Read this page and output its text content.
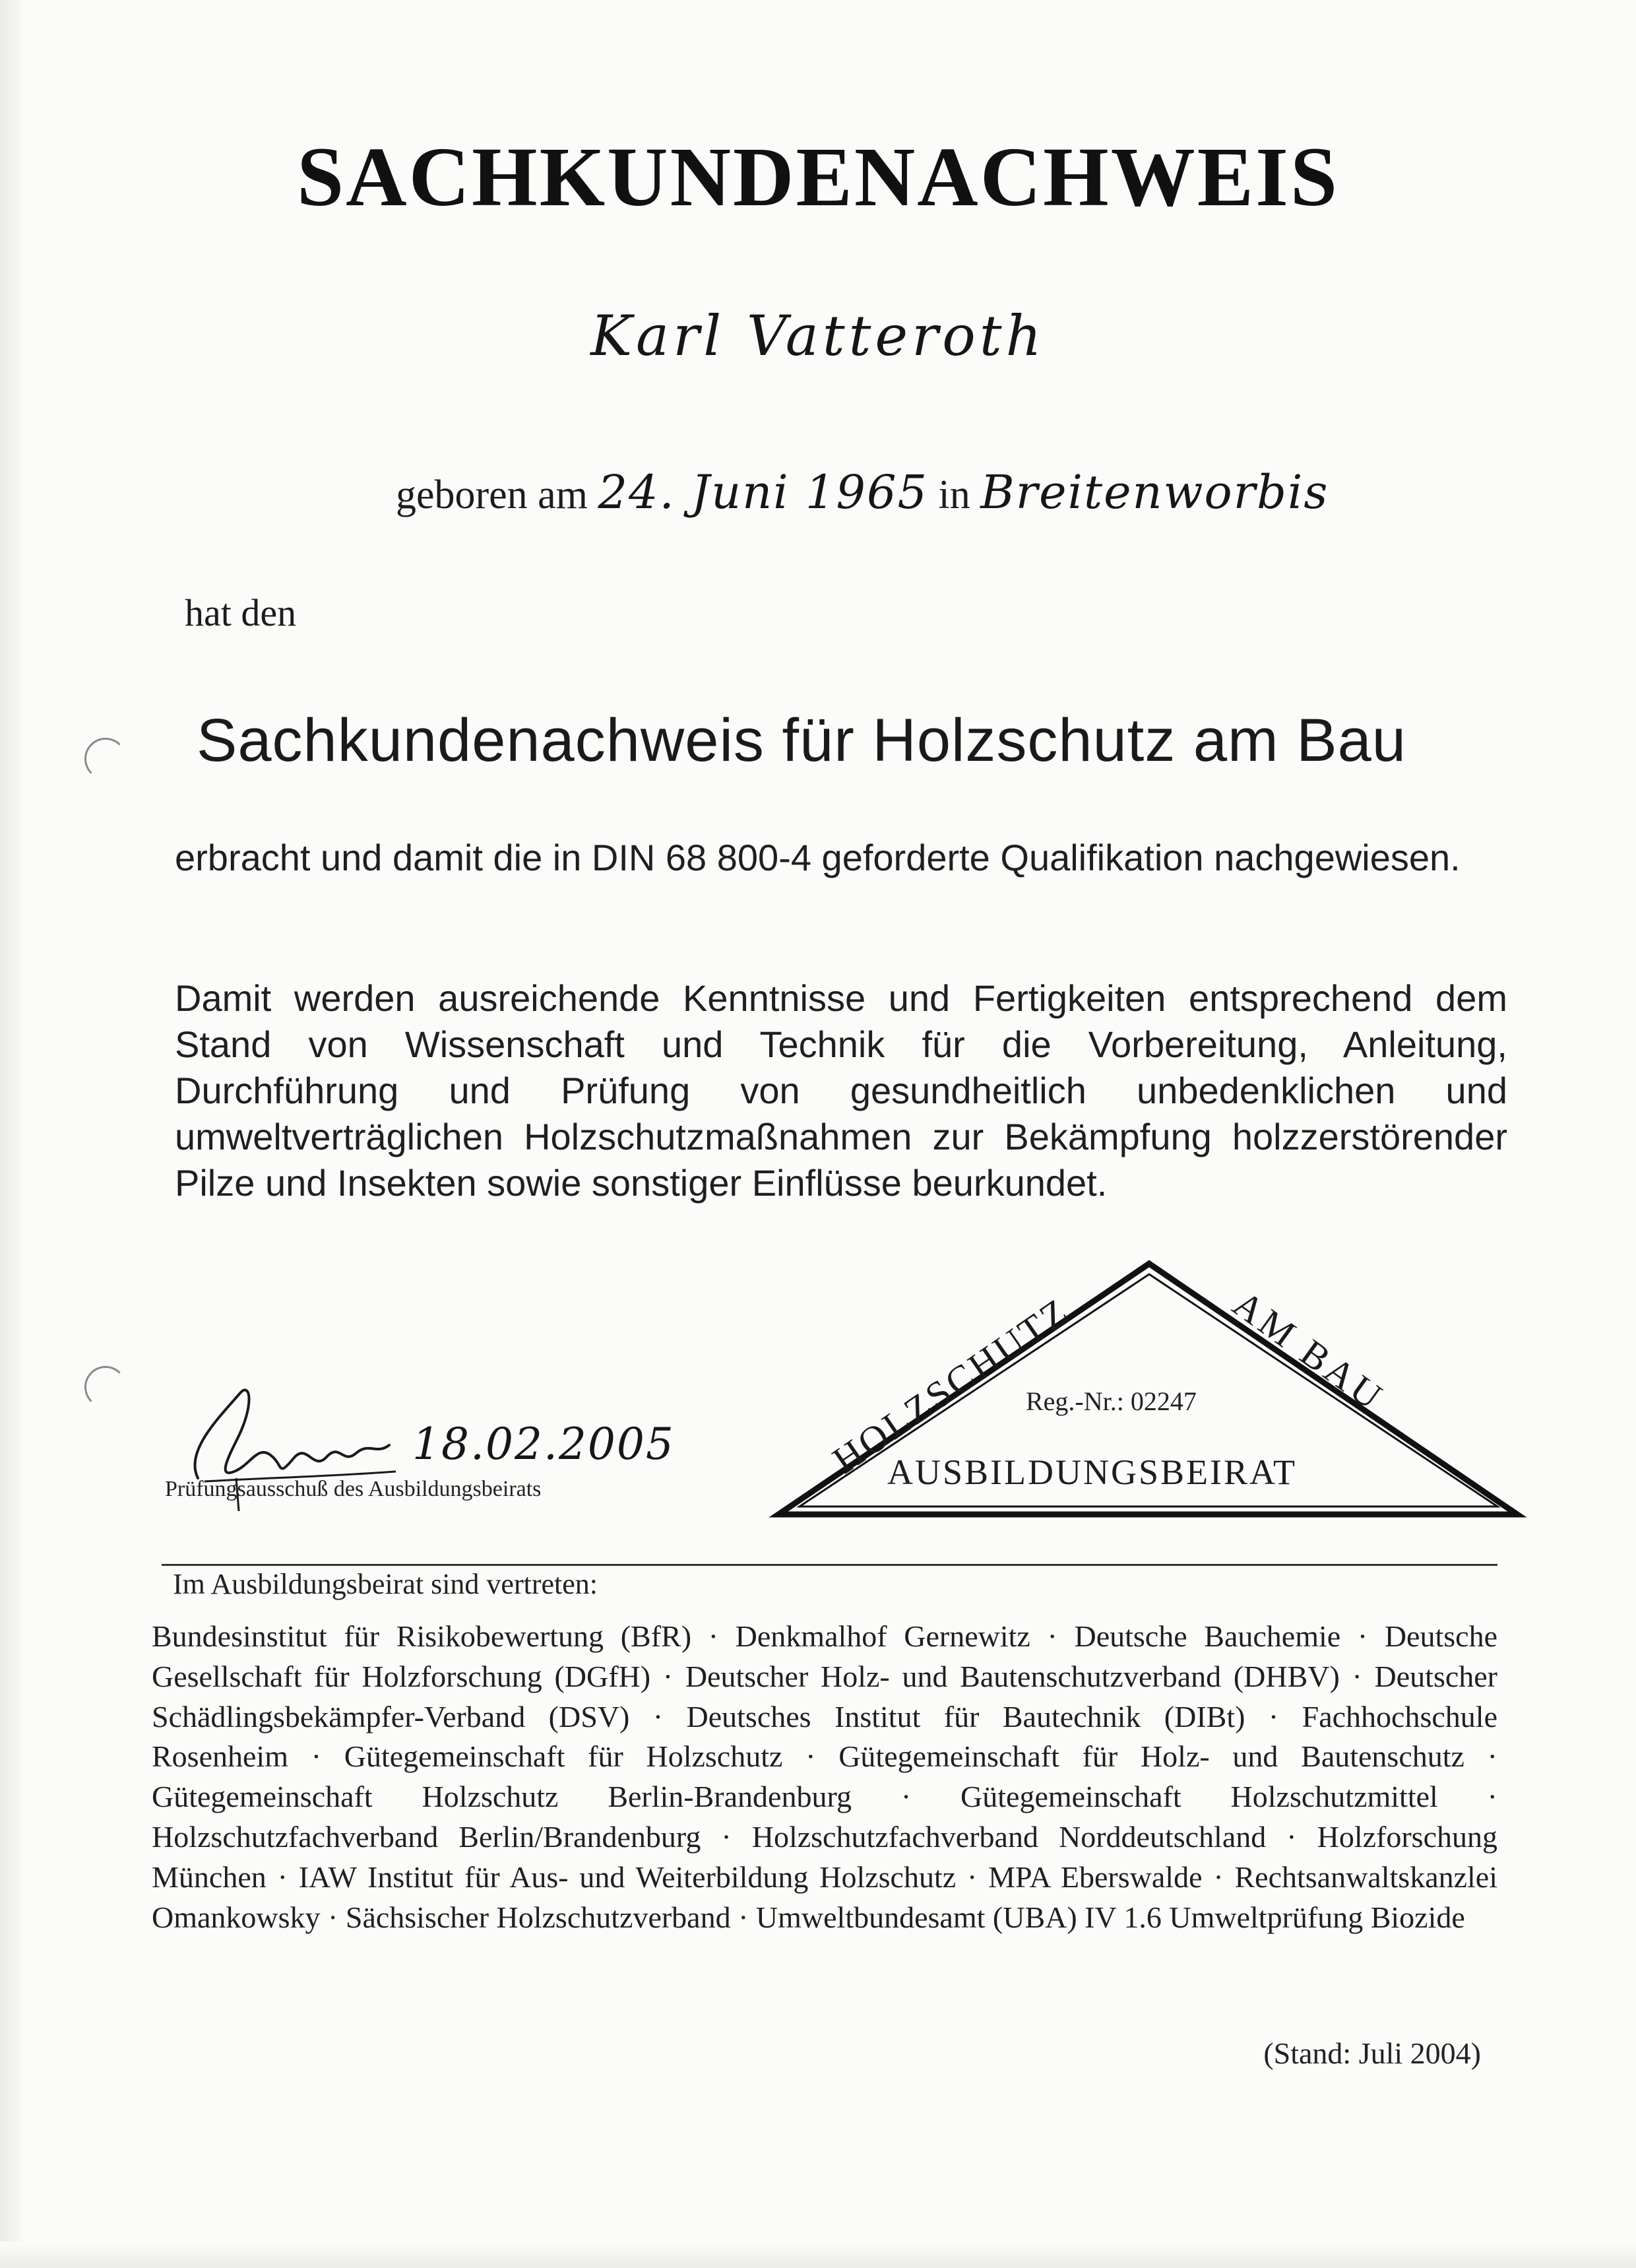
SACHKUNDENACHWEIS
Karl Vatteroth
geboren am 24. Juni 1965 in Breitenworbis
hat den
Sachkundenachweis für Holzschutz am Bau
erbracht und damit die in DIN 68 800-4 geforderte Qualifikation nachgewiesen.
Damit werden ausreichende Kenntnisse und Fertigkeiten entsprechend dem Stand von Wissenschaft und Technik für die Vorbereitung, Anleitung, Durchführung und Prüfung von gesundheitlich unbedenklichen und umweltverträglichen Holzschutzmaßnahmen zur Bekämpfung holzzerstörender Pilze und Insekten sowie sonstiger Einflüsse beurkundet.
18.02.2005
Prüfungsausschuß des Ausbildungsbeirats
HOLZSCHUTZ	AM BAU
Reg.-Nr.: 02247
AUSBILDUNGSBEIRAT
Im Ausbildungsbeirat sind vertreten:
Bundesinstitut für Risikobewertung (BfR) · Denkmalhof Gernewitz · Deutsche Bauchemie · Deutsche Gesellschaft für Holzforschung (DGfH) · Deutscher Holz- und Bautenschutzverband (DHBV) · Deutscher Schädlingsbekämpfer-Verband (DSV) · Deutsches Institut für Bautechnik (DIBt) · Fachhochschule Rosenheim · Gütegemeinschaft für Holzschutz · Gütegemeinschaft für Holz- und Bautenschutz · Gütegemeinschaft Holzschutz Berlin-Brandenburg · Gütegemeinschaft Holzschutzmittel · Holzschutzfachverband Berlin/Brandenburg · Holzschutzfachverband Norddeutschland · Holzforschung München · IAW Institut für Aus- und Weiterbildung Holzschutz · MPA Eberswalde · Rechtsanwaltskanzlei Omankowsky · Sächsischer Holzschutzverband · Umweltbundesamt (UBA) IV 1.6 Umweltprüfung Biozide
(Stand: Juli 2004)
